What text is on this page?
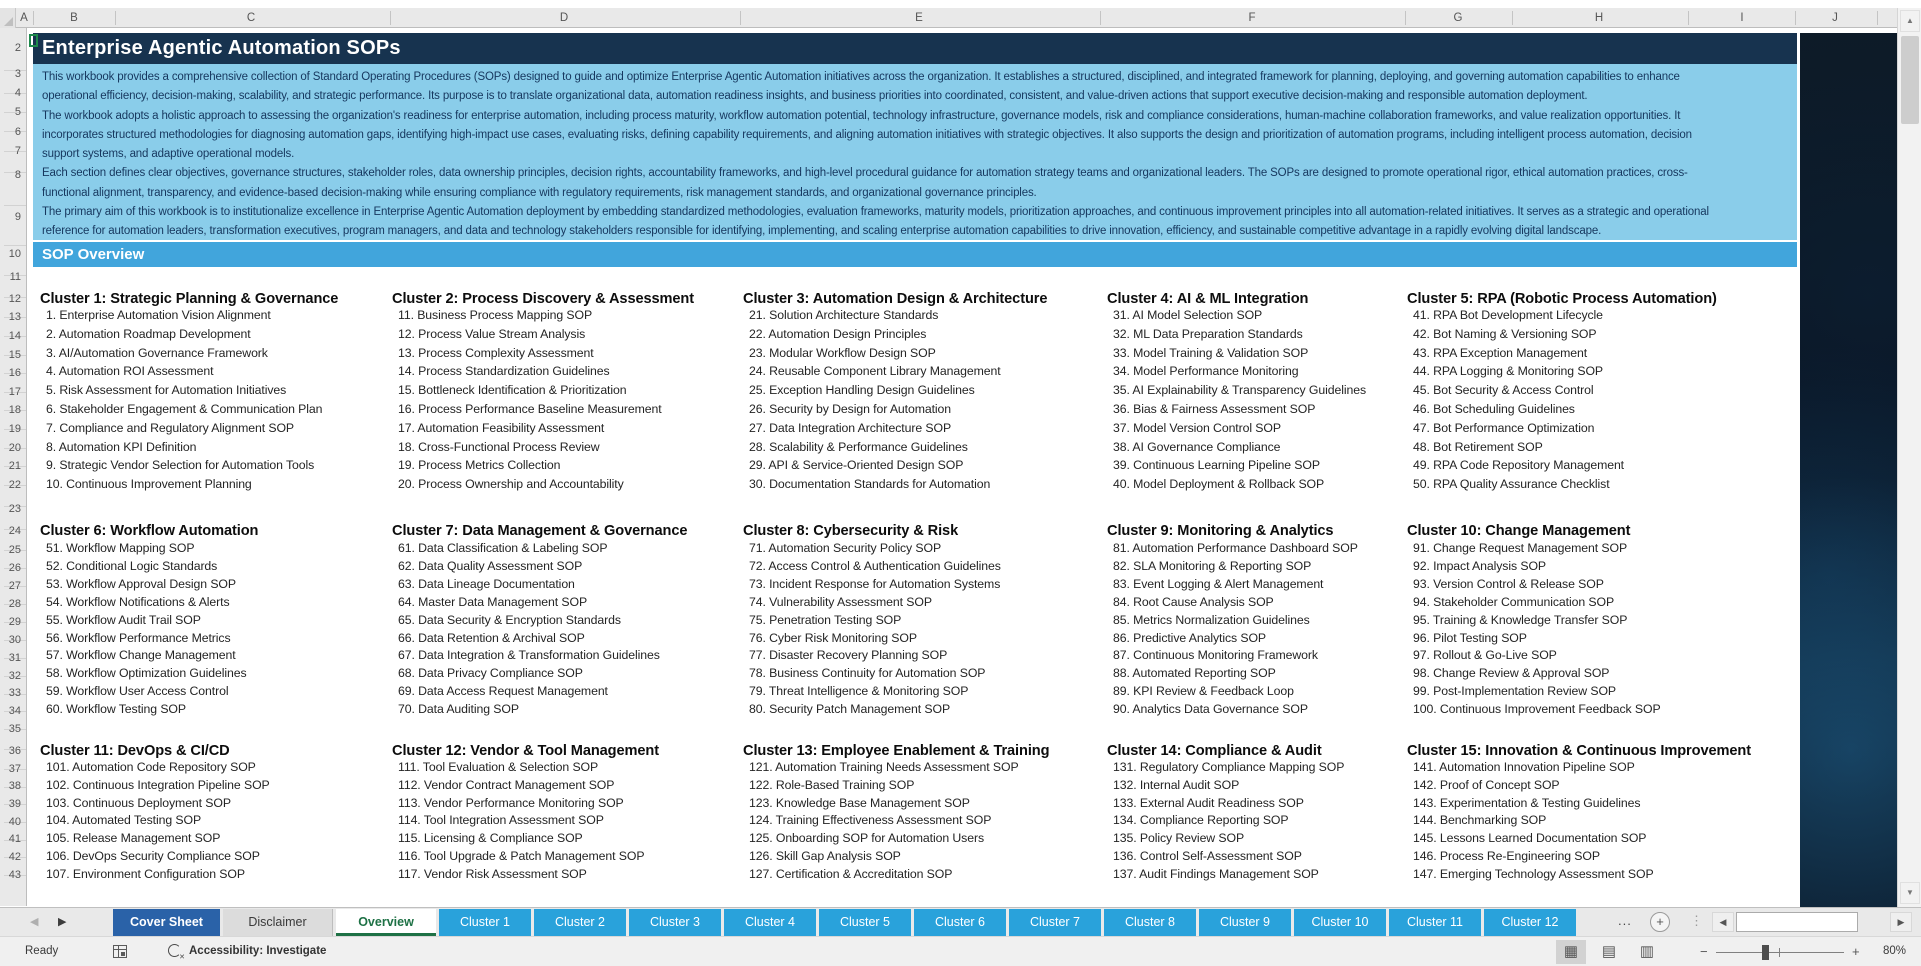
A	B	C	D	E	F	G	H	I	J
2
3
4
5
6
7
8
9
10
11
12
13
14
15
16
17
18
19
20
21
22
23
24
25
26
27
28
29
30
31
32
33
34
35
36
37
38
39
40
41
42
43
Enterprise Agentic Automation SOPs
This workbook provides a comprehensive collection of Standard Operating Procedures (SOPs) designed to guide and optimize Enterprise Agentic Automation initiatives across the organization. It establishes a structured, disciplined, and integrated framework for planning, deploying, and governing automation capabilities to enhance
operational efficiency, decision-making, scalability, and strategic performance. Its purpose is to translate organizational data, automation readiness insights, and business priorities into coordinated, consistent, and value-driven actions that support executive decision-making and responsible automation deployment.
The workbook adopts a holistic approach to assessing the organization's readiness for enterprise automation, including process maturity, workflow automation potential, technology infrastructure, governance models, risk and compliance considerations, human-machine collaboration frameworks, and value realization opportunities. It
incorporates structured methodologies for diagnosing automation gaps, identifying high-impact use cases, evaluating risks, defining capability requirements, and aligning automation initiatives with strategic objectives. It also supports the design and prioritization of automation programs, including intelligent process automation, decision
support systems, and adaptive operational models.
Each section defines clear objectives, governance structures, stakeholder roles, data ownership principles, decision rights, accountability frameworks, and high-level procedural guidance for automation strategy teams and organizational leaders. The SOPs are designed to promote operational rigor, ethical automation practices, cross-
functional alignment, transparency, and evidence-based decision-making while ensuring compliance with regulatory requirements, risk management standards, and organizational governance principles.
The primary aim of this workbook is to institutionalize excellence in Enterprise Agentic Automation deployment by embedding standardized methodologies, evaluation frameworks, maturity models, prioritization approaches, and continuous improvement principles into all automation-related initiatives. It serves as a strategic and operational
reference for automation leaders, transformation executives, program managers, and data and technology stakeholders responsible for identifying, implementing, and scaling enterprise automation capabilities to drive innovation, efficiency, and sustainable competitive advantage in a rapidly evolving digital landscape.
SOP Overview
Cluster 1: Strategic Planning & Governance
1. Enterprise Automation Vision Alignment
2. Automation Roadmap Development
3. AI/Automation Governance Framework
4. Automation ROI Assessment
5. Risk Assessment for Automation Initiatives
6. Stakeholder Engagement & Communication Plan
7. Compliance and Regulatory Alignment SOP
8. Automation KPI Definition
9. Strategic Vendor Selection for Automation Tools
10. Continuous Improvement Planning
Cluster 2: Process Discovery & Assessment
11. Business Process Mapping SOP
12. Process Value Stream Analysis
13. Process Complexity Assessment
14. Process Standardization Guidelines
15. Bottleneck Identification & Prioritization
16. Process Performance Baseline Measurement
17. Automation Feasibility Assessment
18. Cross-Functional Process Review
19. Process Metrics Collection
20. Process Ownership and Accountability
Cluster 3: Automation Design & Architecture
21. Solution Architecture Standards
22. Automation Design Principles
23. Modular Workflow Design SOP
24. Reusable Component Library Management
25. Exception Handling Design Guidelines
26. Security by Design for Automation
27. Data Integration Architecture SOP
28. Scalability & Performance Guidelines
29. API & Service-Oriented Design SOP
30. Documentation Standards for Automation
Cluster 4: AI & ML Integration
31. AI Model Selection SOP
32. ML Data Preparation Standards
33. Model Training & Validation SOP
34. Model Performance Monitoring
35. AI Explainability & Transparency Guidelines
36. Bias & Fairness Assessment SOP
37. Model Version Control SOP
38. AI Governance Compliance
39. Continuous Learning Pipeline SOP
40. Model Deployment & Rollback SOP
Cluster 5: RPA (Robotic Process Automation)
41. RPA Bot Development Lifecycle
42. Bot Naming & Versioning SOP
43. RPA Exception Management
44. RPA Logging & Monitoring SOP
45. Bot Security & Access Control
46. Bot Scheduling Guidelines
47. Bot Performance Optimization
48. Bot Retirement SOP
49. RPA Code Repository Management
50. RPA Quality Assurance Checklist
Cluster 6: Workflow Automation
51. Workflow Mapping SOP
52. Conditional Logic Standards
53. Workflow Approval Design SOP
54. Workflow Notifications & Alerts
55. Workflow Audit Trail SOP
56. Workflow Performance Metrics
57. Workflow Change Management
58. Workflow Optimization Guidelines
59. Workflow User Access Control
60. Workflow Testing SOP
Cluster 7: Data Management & Governance
61. Data Classification & Labeling SOP
62. Data Quality Assessment SOP
63. Data Lineage Documentation
64. Master Data Management SOP
65. Data Security & Encryption Standards
66. Data Retention & Archival SOP
67. Data Integration & Transformation Guidelines
68. Data Privacy Compliance SOP
69. Data Access Request Management
70. Data Auditing SOP
Cluster 8: Cybersecurity & Risk
71. Automation Security Policy SOP
72. Access Control & Authentication Guidelines
73. Incident Response for Automation Systems
74. Vulnerability Assessment SOP
75. Penetration Testing SOP
76. Cyber Risk Monitoring SOP
77. Disaster Recovery Planning SOP
78. Business Continuity for Automation SOP
79. Threat Intelligence & Monitoring SOP
80. Security Patch Management SOP
Cluster 9: Monitoring & Analytics
81. Automation Performance Dashboard SOP
82. SLA Monitoring & Reporting SOP
83. Event Logging & Alert Management
84. Root Cause Analysis SOP
85. Metrics Normalization Guidelines
86. Predictive Analytics SOP
87. Continuous Monitoring Framework
88. Automated Reporting SOP
89. KPI Review & Feedback Loop
90. Analytics Data Governance SOP
Cluster 10: Change Management
91. Change Request Management SOP
92. Impact Analysis SOP
93. Version Control & Release SOP
94. Stakeholder Communication SOP
95. Training & Knowledge Transfer SOP
96. Pilot Testing SOP
97. Rollout & Go-Live SOP
98. Change Review & Approval SOP
99. Post-Implementation Review SOP
100. Continuous Improvement Feedback SOP
Cluster 11: DevOps & CI/CD
101. Automation Code Repository SOP
102. Continuous Integration Pipeline SOP
103. Continuous Deployment SOP
104. Automated Testing SOP
105. Release Management SOP
106. DevOps Security Compliance SOP
107. Environment Configuration SOP
Cluster 12: Vendor & Tool Management
111. Tool Evaluation & Selection SOP
112. Vendor Contract Management SOP
113. Vendor Performance Monitoring SOP
114. Tool Integration Assessment SOP
115. Licensing & Compliance SOP
116. Tool Upgrade & Patch Management SOP
117. Vendor Risk Assessment SOP
Cluster 13: Employee Enablement & Training
121. Automation Training Needs Assessment SOP
122. Role-Based Training SOP
123. Knowledge Base Management SOP
124. Training Effectiveness Assessment SOP
125. Onboarding SOP for Automation Users
126. Skill Gap Analysis SOP
127. Certification & Accreditation SOP
Cluster 14: Compliance & Audit
131. Regulatory Compliance Mapping SOP
132. Internal Audit SOP
133. External Audit Readiness SOP
134. Compliance Reporting SOP
135. Policy Review SOP
136. Control Self-Assessment SOP
137. Audit Findings Management SOP
Cluster 15: Innovation & Continuous Improvement
141. Automation Innovation Pipeline SOP
142. Proof of Concept SOP
143. Experimentation & Testing Guidelines
144. Benchmarking SOP
145. Lessons Learned Documentation SOP
146. Process Re-Engineering SOP
147. Emerging Technology Assessment SOP
▲
▼
◀ ▶	Cover Sheet	Disclaimer	Overview	Cluster 1	Cluster 2	Cluster 3	Cluster 4	Cluster 5	Cluster 6	Cluster 7	Cluster 8	Cluster 9	Cluster 10	Cluster 11	Cluster 12	...	+	⋮	◀	▶
Ready ✕	Accessibility: Investigate	▦	▤	▥	−	+ 80%
